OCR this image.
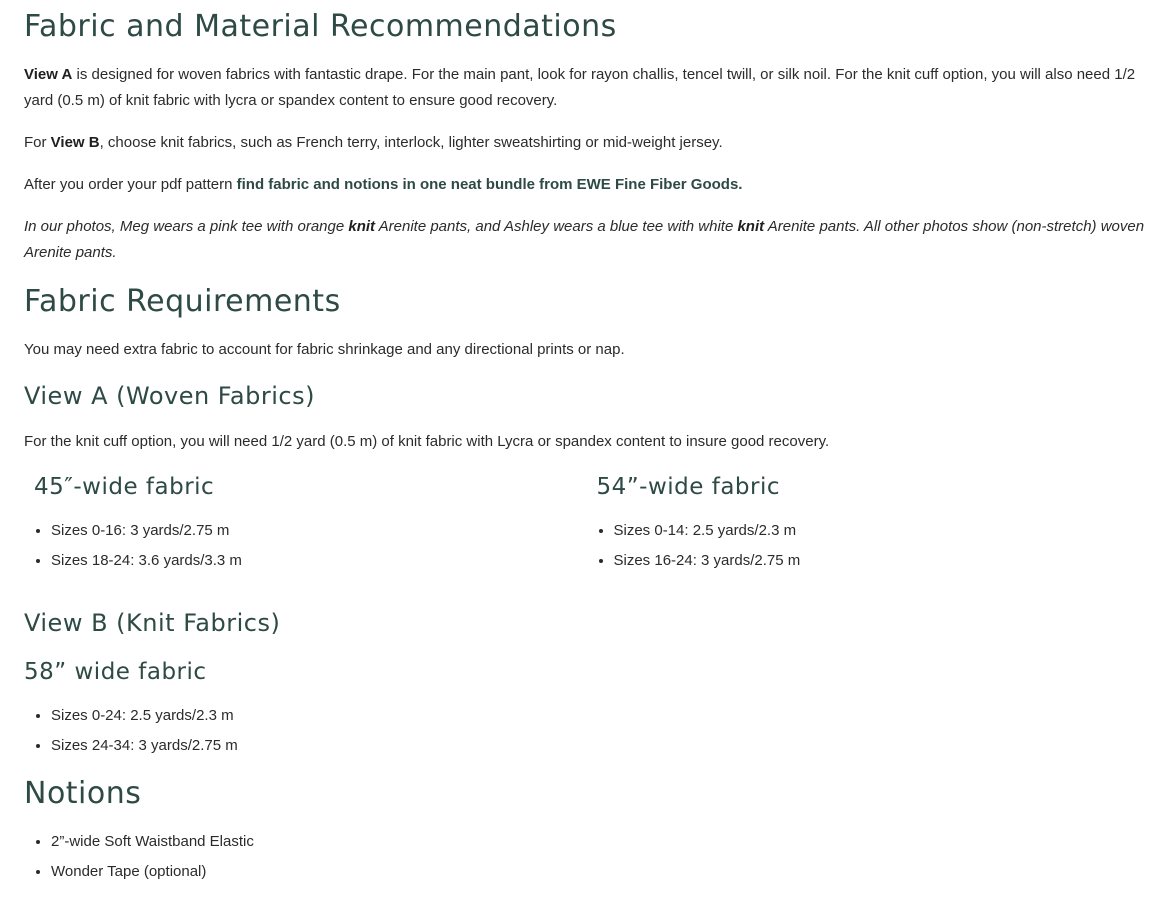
Fabric and Material Recommendations

View A is designed for woven fabrics with fantastic drape. For the main pant, look for rayon challis, tencel twill, or silk noil. For the knit cuff option, you will also need 1/2 yard (0.5 m) of knit fabric with lycra or spandex content to ensure good recovery.

For View B, choose knit fabrics, such as French terry, interlock, lighter sweatshirting or mid-weight jersey.

After you order your pdf pattern find fabric and notions in one neat bundle from EWE Fine Fiber Goods.

In our photos, Meg wears a pink tee with orange knit Arenite pants, and Ashley wears a blue tee with white knit Arenite pants. All other photos show (non-stretch) woven Arenite pants.

Fabric Requirements

You may need extra fabric to account for fabric shrinkage and any directional prints or nap.

View A (Woven Fabrics)

For the knit cuff option, you will need 1/2 yard (0.5 m) of knit fabric with Lycra or spandex content to insure good recovery.

45″-wide fabric
• Sizes 0-16: 3 yards/2.75 m
• Sizes 18-24: 3.6 yards/3.3 m
54”-wide fabric
• Sizes 0-14: 2.5 yards/2.3 m
• Sizes 16-24: 3 yards/2.75 m
View B (Knit Fabrics)
58” wide fabric
• Sizes 0-24: 2.5 yards/2.3 m
• Sizes 24-34: 3 yards/2.75 m
Notions
• 2”-wide Soft Waistband Elastic
• Wonder Tape (optional)
